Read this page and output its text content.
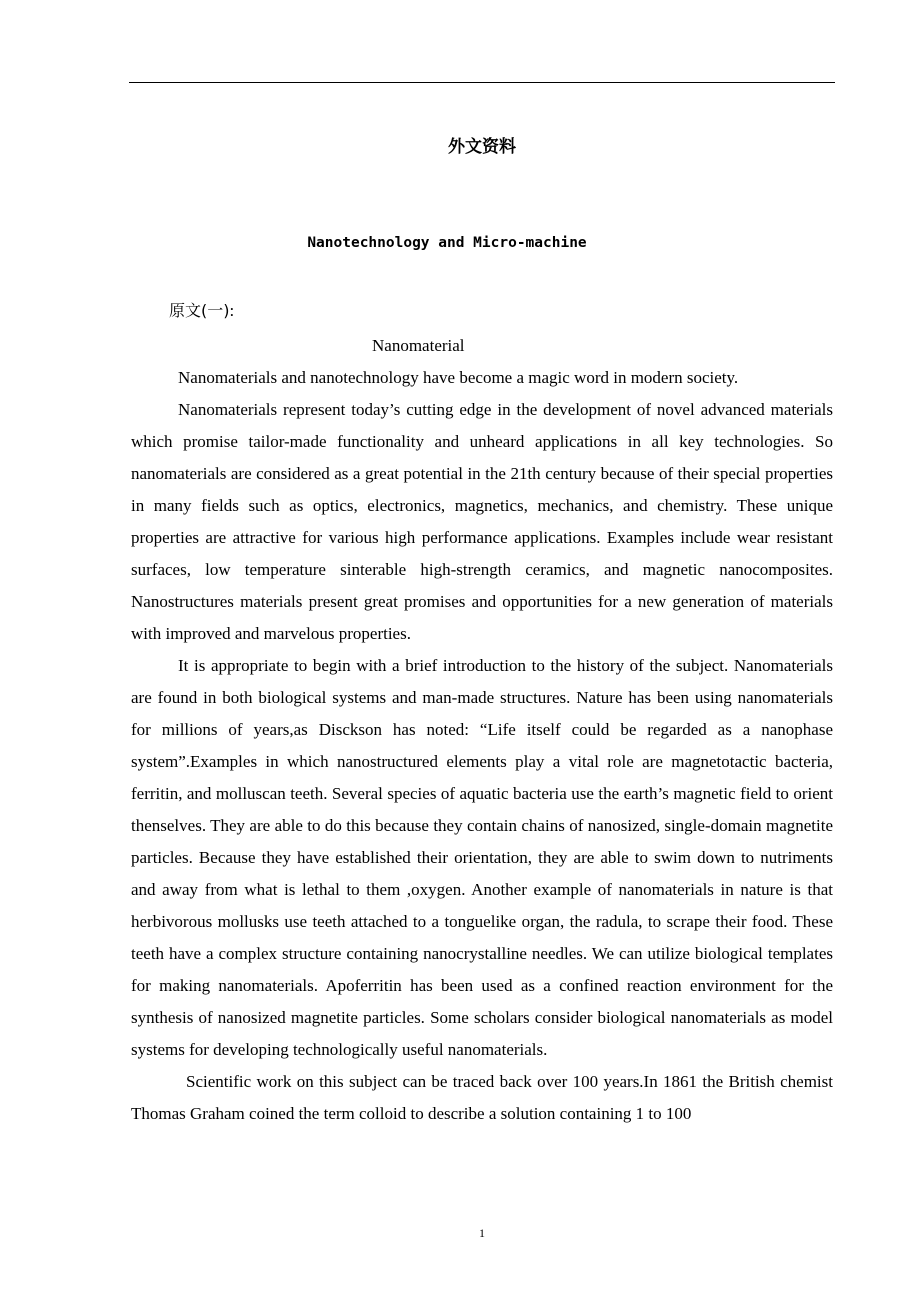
外文资料
Nanotechnology and Micro-machine
原文(一):
Nanomaterial

Nanomaterials and nanotechnology have become a magic word in modern society.

Nanomaterials represent today’s cutting edge in the development of novel advanced materials which promise tailor-made functionality and unheard applications in all key technologies. So nanomaterials are considered as a great potential in the 21th century because of their special properties in many fields such as optics, electronics, magnetics, mechanics, and chemistry. These unique properties are attractive for various high performance applications. Examples include wear resistant surfaces, low temperature sinterable high-strength ceramics, and magnetic nanocomposites. Nanostructures materials present great promises and opportunities for a new generation of materials with improved and marvelous properties.

It is appropriate to begin with a brief introduction to the history of the subject. Nanomaterials are found in both biological systems and man-made structures. Nature has been using nanomaterials for millions of years,as Disckson has noted: “Life itself could be regarded as a nanophase system”.Examples in which nanostructured elements play a vital role are magnetotactic bacteria, ferritin, and molluscan teeth. Several species of aquatic bacteria use the earth’s magnetic field to orient thenselves. They are able to do this because they contain chains of nanosized, single-domain magnetite particles. Because they have established their orientation, they are able to swim down to nutriments and away from what is lethal to them ,oxygen. Another example of nanomaterials in nature is that herbivorous mollusks use teeth attached to a tonguelike organ, the radula, to scrape their food. These teeth have a complex structure containing nanocrystalline needles. We can utilize biological templates for making nanomaterials. Apoferritin has been used as a confined reaction environment for the synthesis of nanosized magnetite particles. Some scholars consider biological nanomaterials as model systems for developing technologically useful nanomaterials.

Scientific work on this subject can be traced back over 100 years.In 1861 the British chemist Thomas Graham coined the term colloid to describe a solution containing 1 to 100

1
